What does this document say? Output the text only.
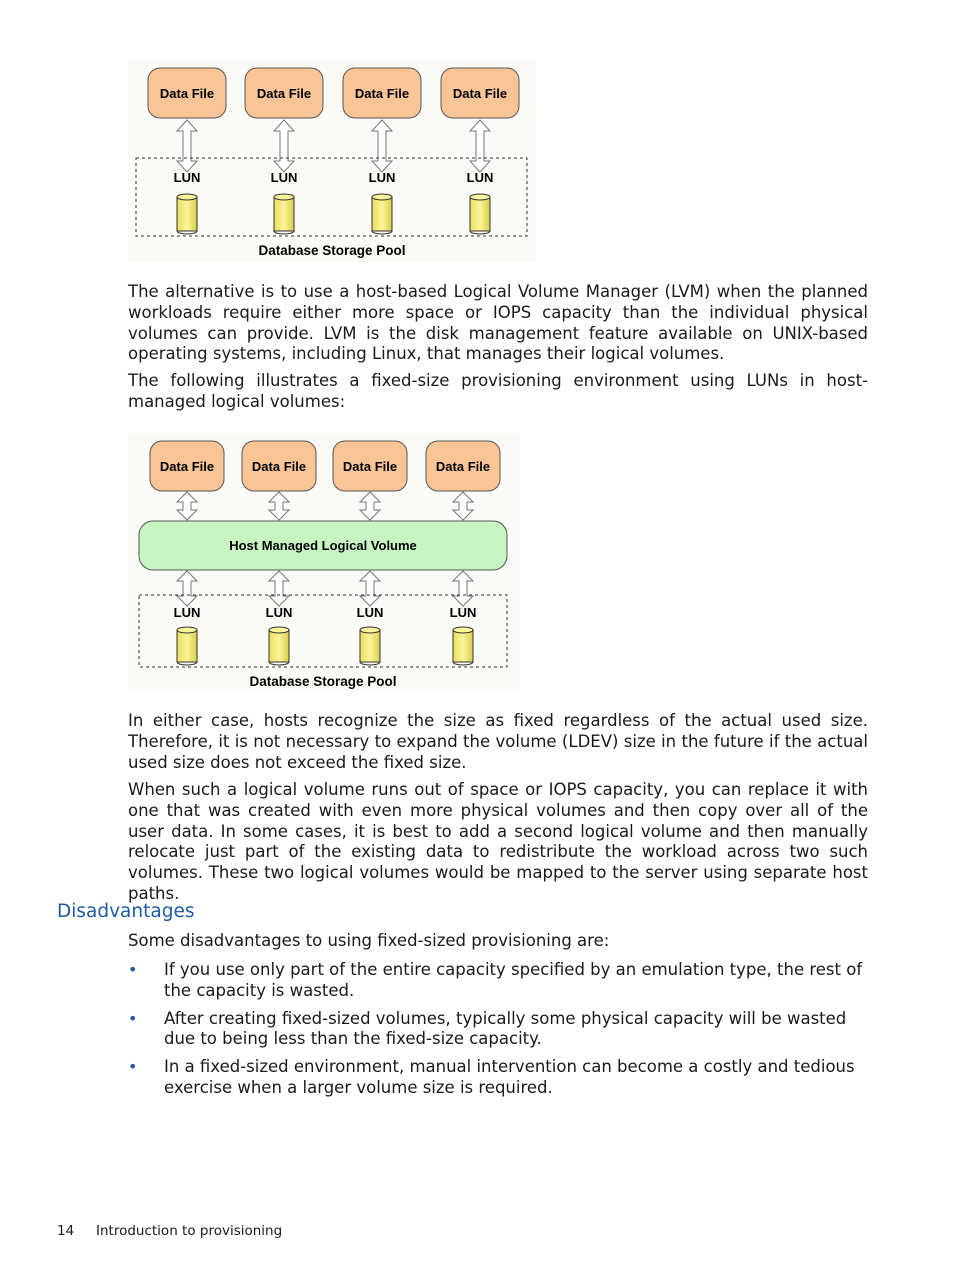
Data File	Data File	Data File	Data File
LUN	LUN	LUN	LUN
Database Storage Pool

The alternative is to use a host-based Logical Volume Manager (LVM) when the planned workloads require either more space or IOPS capacity than the individual physical volumes can provide. LVM is the disk management feature available on UNIX-based operating systems, including Linux, that manages their logical volumes.

The following illustrates a fixed-size provisioning environment using LUNs in host-managed logical volumes:

Data File	Data File	Data File	Data File
Host Managed Logical Volume
LUN	LUN	LUN	LUN
Database Storage Pool

In either case, hosts recognize the size as fixed regardless of the actual used size. Therefore, it is not necessary to expand the volume (LDEV) size in the future if the actual used size does not exceed the fixed size.

When such a logical volume runs out of space or IOPS capacity, you can replace it with one that was created with even more physical volumes and then copy over all of the user data. In some cases, it is best to add a second logical volume and then manually relocate just part of the existing data to redistribute the workload across two such volumes. These two logical volumes would be mapped to the server using separate host paths.

Disadvantages

Some disadvantages to using fixed-sized provisioning are:

• If you use only part of the entire capacity specified by an emulation type, the rest of the capacity is wasted.
• After creating fixed-sized volumes, typically some physical capacity will be wasted due to being less than the fixed-size capacity.
• In a fixed-sized environment, manual intervention can become a costly and tedious exercise when a larger volume size is required.
14 Introduction to provisioning
